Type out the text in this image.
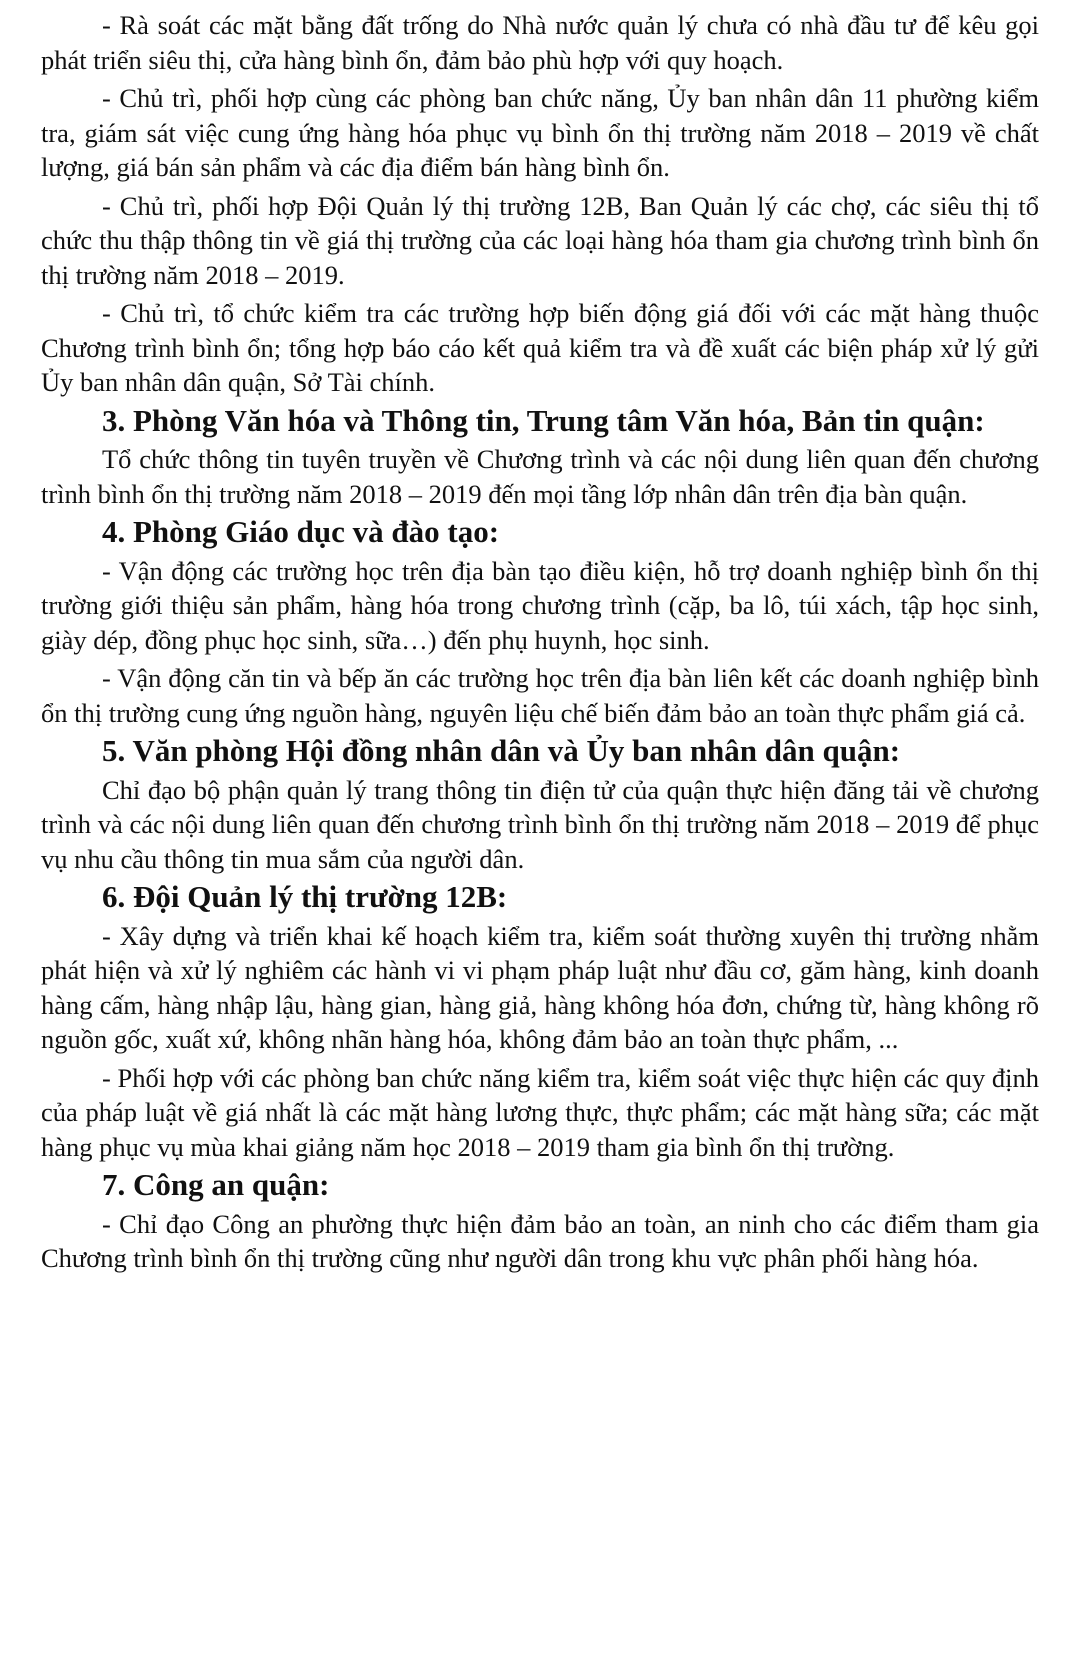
- Rà soát các mặt bằng đất trống do Nhà nước quản lý chưa có nhà đầu tư để kêu gọi phát triển siêu thị, cửa hàng bình ổn, đảm bảo phù hợp với quy hoạch.

- Chủ trì, phối hợp cùng các phòng ban chức năng, Ủy ban nhân dân 11 phường kiểm tra, giám sát việc cung ứng hàng hóa phục vụ bình ổn thị trường năm 2018 – 2019 về chất lượng, giá bán sản phẩm và các địa điểm bán hàng bình ổn.

- Chủ trì, phối hợp Đội Quản lý thị trường 12B, Ban Quản lý các chợ, các siêu thị tổ chức thu thập thông tin về giá thị trường của các loại hàng hóa tham gia chương trình bình ổn thị trường năm 2018 – 2019.

- Chủ trì, tổ chức kiểm tra các trường hợp biến động giá đối với các mặt hàng thuộc Chương trình bình ổn; tổng hợp báo cáo kết quả kiểm tra và đề xuất các biện pháp xử lý gửi Ủy ban nhân dân quận, Sở Tài chính.

3. Phòng Văn hóa và Thông tin, Trung tâm Văn hóa, Bản tin quận:

Tổ chức thông tin tuyên truyền về Chương trình và các nội dung liên quan đến chương trình bình ổn thị trường năm 2018 – 2019 đến mọi tầng lớp nhân dân trên địa bàn quận.

4. Phòng Giáo dục và đào tạo:

- Vận động các trường học trên địa bàn tạo điều kiện, hỗ trợ doanh nghiệp bình ổn thị trường giới thiệu sản phẩm, hàng hóa trong chương trình (cặp, ba lô, túi xách, tập học sinh, giày dép, đồng phục học sinh, sữa…) đến phụ huynh, học sinh.

- Vận động căn tin và bếp ăn các trường học trên địa bàn liên kết các doanh nghiệp bình ổn thị trường cung ứng nguồn hàng, nguyên liệu chế biến đảm bảo an toàn thực phẩm giá cả.

5. Văn phòng Hội đồng nhân dân và Ủy ban nhân dân quận:

Chỉ đạo bộ phận quản lý trang thông tin điện tử của quận thực hiện đăng tải về chương trình và các nội dung liên quan đến chương trình bình ổn thị trường năm 2018 – 2019 để phục vụ nhu cầu thông tin mua sắm của người dân.

6. Đội Quản lý thị trường 12B:

- Xây dựng và triển khai kế hoạch kiểm tra, kiểm soát thường xuyên thị trường nhằm phát hiện và xử lý nghiêm các hành vi vi phạm pháp luật như đầu cơ, găm hàng, kinh doanh hàng cấm, hàng nhập lậu, hàng gian, hàng giả, hàng không hóa đơn, chứng từ, hàng không rõ nguồn gốc, xuất xứ, không nhãn hàng hóa, không đảm bảo an toàn thực phẩm, ...

- Phối hợp với các phòng ban chức năng kiểm tra, kiểm soát việc thực hiện các quy định của pháp luật về giá nhất là các mặt hàng lương thực, thực phẩm; các mặt hàng sữa; các mặt hàng phục vụ mùa khai giảng năm học 2018 – 2019 tham gia bình ổn thị trường.

7. Công an quận:

- Chỉ đạo Công an phường thực hiện đảm bảo an toàn, an ninh cho các điểm tham gia Chương trình bình ổn thị trường cũng như người dân trong khu vực phân phối hàng hóa.
